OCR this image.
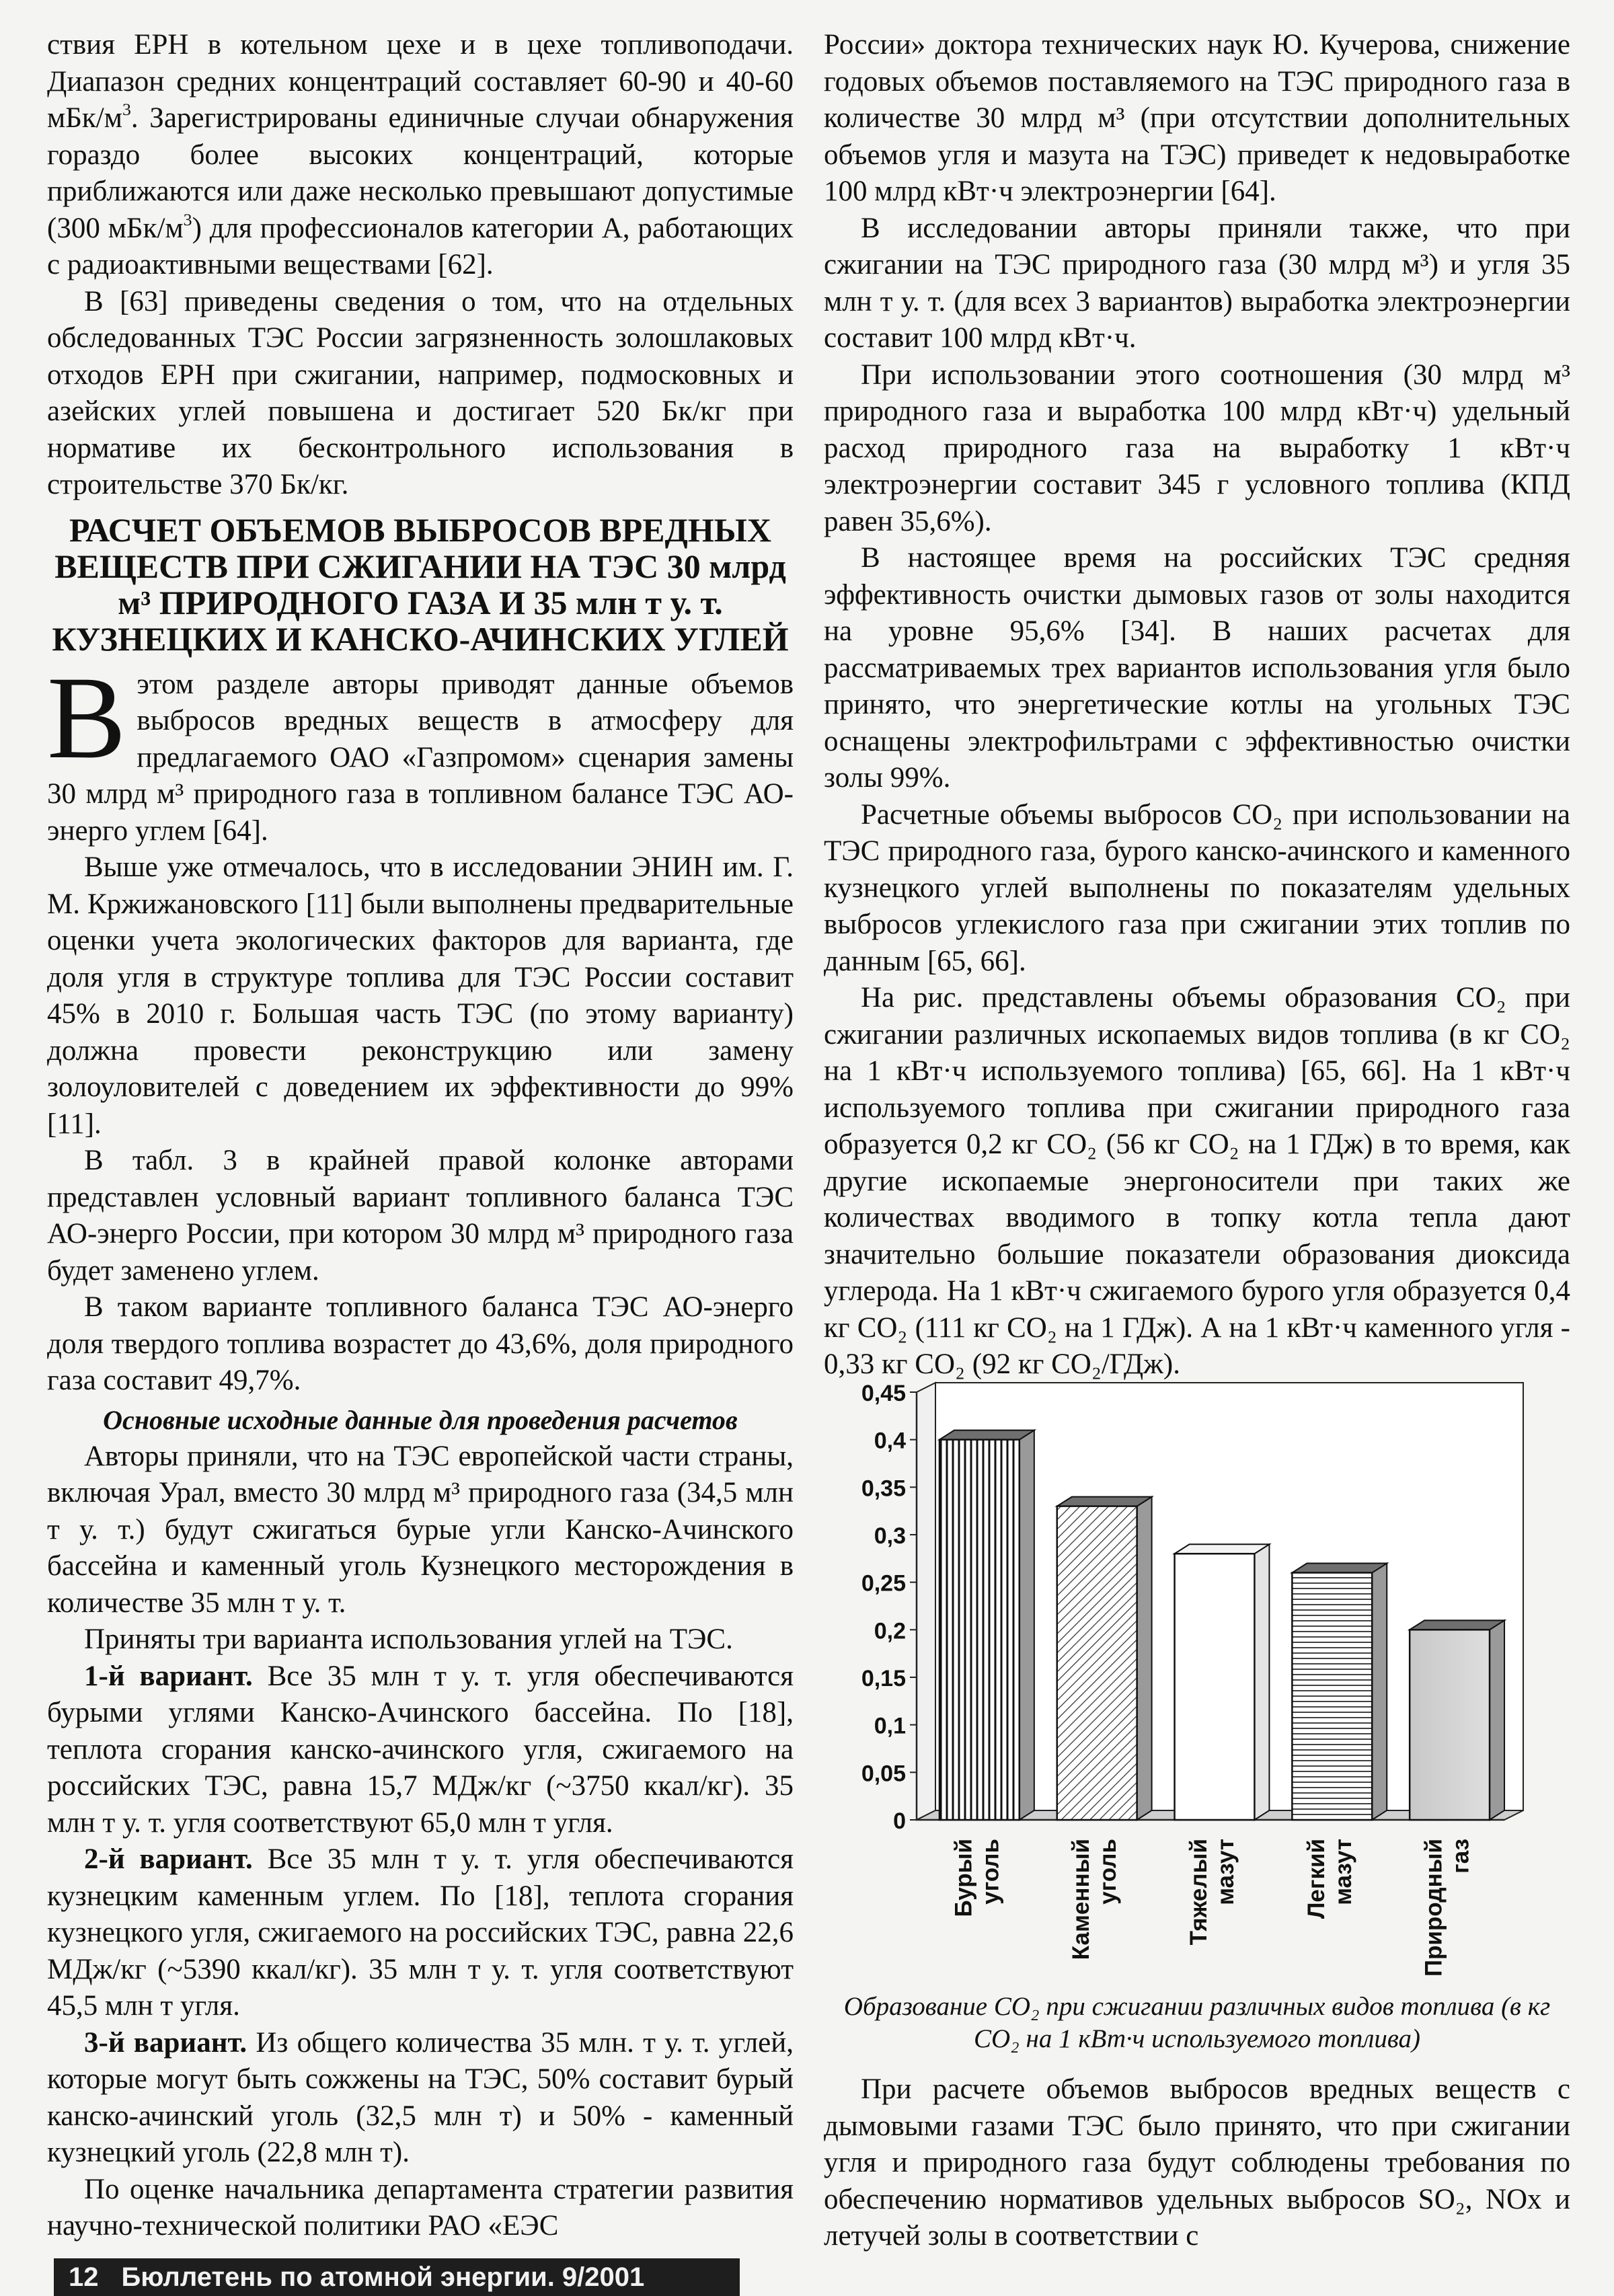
ствия ЕРН в котельном цехе и в цехе топливоподачи. Диапазон средних концентраций составляет 60-90 и 40-60 мБк/$м^3$. Зарегистрированы единичные случаи обнаружения гораздо более высоких концентраций, которые приближаются или даже несколько превышают допустимые (300 мБк/$м^3$) для профессионалов категории А, работающих с радиоактивными веществами [62].

В [63] приведены сведения о том, что на отдельных обследованных ТЭС России загрязненность золошлаковых отходов ЕРН при сжигании, например, подмосковных и азейских углей повышена и достигает 520 Бк/кг при нормативе их бесконтрольного использования в строительстве 370 Бк/кг.

РАСЧЕТ ОБЪЕМОВ ВЫБРОСОВ ВРЕДНЫХ ВЕЩЕСТВ ПРИ СЖИГАНИИ НА ТЭС 30 млрд м³ ПРИРОДНОГО ГАЗА И 35 млн т у. т. КУЗНЕЦКИХ И КАНСКО-АЧИНСКИХ УГЛЕЙ
В этом разделе авторы приводят данные объемов выбросов вредных веществ в атмосферу для предлагаемого ОАО «Газпромом» сценария замены 30 млрд м³ природного газа в топливном балансе ТЭС АО-энерго углем [64].

Выше уже отмечалось, что в исследовании ЭНИН им. Г. М. Кржижановского [11] были выполнены предварительные оценки учета экологических факторов для варианта, где доля угля в структуре топлива для ТЭС России составит 45% в 2010 г. Большая часть ТЭС (по этому варианту) должна провести реконструкцию или замену золоуловителей с доведением их эффективности до 99% [11].

В табл. 3 в крайней правой колонке авторами представлен условный вариант топливного баланса ТЭС АО-энерго России, при котором 30 млрд м³ природного газа будет заменено углем.

В таком варианте топливного баланса ТЭС АО-энерго доля твердого топлива возрастет до 43,6%, доля природного газа составит 49,7%.

Основные исходные данные для проведения расчетов

Авторы приняли, что на ТЭС европейской части страны, включая Урал, вместо 30 млрд м³ природного газа (34,5 млн т у. т.) будут сжигаться бурые угли Канско-Ачинского бассейна и каменный уголь Кузнецкого месторождения в количестве 35 млн т у. т.

Приняты три варианта использования углей на ТЭС.

1-й вариант. Все 35 млн т у. т. угля обеспечиваются бурыми углями Канско-Ачинского бассейна. По [18], теплота сгорания канско-ачинского угля, сжигаемого на российских ТЭС, равна 15,7 МДж/кг (~3750 ккал/кг). 35 млн т у. т. угля соответствуют 65,0 млн т угля.

2-й вариант. Все 35 млн т у. т. угля обеспечиваются кузнецким каменным углем. По [18], теплота сгорания кузнецкого угля, сжигаемого на российских ТЭС, равна 22,6 МДж/кг (~5390 ккал/кг). 35 млн т у. т. угля соответствуют 45,5 млн т угля.

3-й вариант. Из общего количества 35 млн. т у. т. углей, которые могут быть сожжены на ТЭС, 50% составит бурый канско-ачинский уголь (32,5 млн т) и 50% - каменный кузнецкий уголь (22,8 млн т).

По оценке начальника департамента стратегии развития научно-технической политики РАО «ЕЭС

России» доктора технических наук Ю. Кучерова, снижение годовых объемов поставляемого на ТЭС природного газа в количестве 30 млрд м³ (при отсутствии дополнительных объемов угля и мазута на ТЭС) приведет к недовыработке 100 млрд кВт·ч электроэнергии [64].

В исследовании авторы приняли также, что при сжигании на ТЭС природного газа (30 млрд м³) и угля 35 млн т у. т. (для всех 3 вариантов) выработка электроэнергии составит 100 млрд кВт·ч.

При использовании этого соотношения (30 млрд м³ природного газа и выработка 100 млрд кВт·ч) удельный расход природного газа на выработку 1 кВт·ч электроэнергии составит 345 г условного топлива (КПД равен 35,6%).

В настоящее время на российских ТЭС средняя эффективность очистки дымовых газов от золы находится на уровне 95,6% [34]. В наших расчетах для рассматриваемых трех вариантов использования угля было принято, что энергетические котлы на угольных ТЭС оснащены электрофильтрами с эффективностью очистки золы 99%.

Расчетные объемы выбросов CO₂ при использовании на ТЭС природного газа, бурого канско-ачинского и каменного кузнецкого углей выполнены по показателям удельных выбросов углекислого газа при сжигании этих топлив по данным [65, 66].

На рис. представлены объемы образования CO₂ при сжигании различных ископаемых видов топлива (в кг CO₂ на 1 кВт·ч используемого топлива) [65, 66]. На 1 кВт·ч используемого топлива при сжигании природного газа образуется 0,2 кг CO₂ (56 кг CO₂ на 1 ГДж) в то время, как другие ископаемые энергоносители при таких же количествах вводимого в топку котла тепла дают значительно большие показатели образования диоксида углерода. На 1 кВт·ч сжигаемого бурого угля образуется 0,4 кг CO₂ (111 кг CO₂ на 1 ГДж). А на 1 кВт·ч каменного угля - 0,33 кг CO₂ (92 кг CO₂/ГДж).

0
0,05
0,1
0,15
0,2
0,25
0,3
0,35
0,4
0,45
Бурый уголь	Каменный уголь	Тяжелый мазут	Легкий мазут	Природный газ
Образование CO₂ при сжигании различных видов топлива (в кг CO₂ на 1 кВт·ч используемого топлива)

При расчете объемов выбросов вредных веществ с дымовыми газами ТЭС было принято, что при сжигании угля и природного газа будут соблюдены требования по обеспечению нормативов удельных выбросов SO₂, NOx и летучей золы в соответствии с

12 Бюллетень по атомной энергии. 9/2001
